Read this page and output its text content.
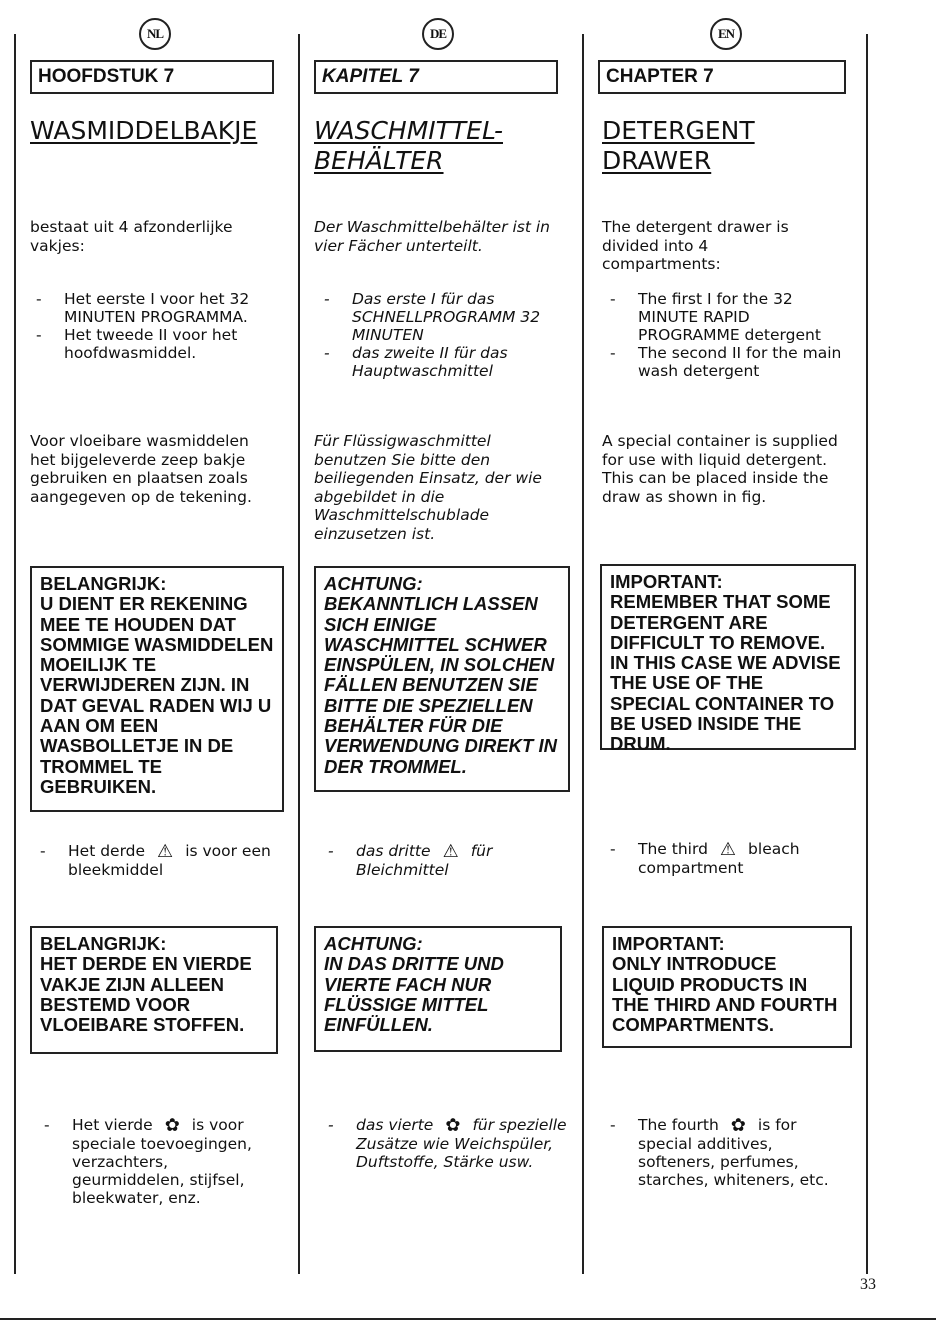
NL
HOOFDSTUK 7
WASMIDDELBAKJE
bestaat uit 4 afzonderlijke vakjes:
- Het eerste I voor het 32 MINUTEN PROGRAMMA.
- Het tweede II voor het hoofdwasmiddel.
Voor vloeibare wasmiddelen het bijgeleverde zeep bakje gebruiken en plaatsen zoals aangegeven op de tekening.
BELANGRIJK:
U DIENT ER REKENING MEE TE HOUDEN DAT SOMMIGE WASMIDDELEN MOEILIJK TE VERWIJDEREN ZIJN. IN DAT GEVAL RADEN WIJ U AAN OM EEN WASBOLLETJE IN DE TROMMEL TE GEBRUIKEN.
- Het derde ⚠ is voor een bleekmiddel
BELANGRIJK:
HET DERDE EN VIERDE VAKJE ZIJN ALLEEN BESTEMD VOOR VLOEIBARE STOFFEN.
- Het vierde ✿ is voor speciale toevoegingen, verzachters, geurmiddelen, stijfsel, bleekwater, enz.
DE
KAPITEL 7
WASCHMITTEL- BEHÄLTER
Der Waschmittelbehälter ist in vier Fächer unterteilt.
- Das erste I für das SCHNELLPROGRAMM 32 MINUTEN
- das zweite II für das Hauptwaschmittel
Für Flüssigwaschmittel benutzen Sie bitte den beiliegenden Einsatz, der wie abgebildet in die Waschmittelschublade einzusetzen ist.
ACHTUNG:
BEKANNTLICH LASSEN SICH EINIGE WASCHMITTEL SCHWER EINSPÜLEN, IN SOLCHEN FÄLLEN BENUTZEN SIE BITTE DIE SPEZIELLEN BEHÄLTER FÜR DIE VERWENDUNG DIREKT IN DER TROMMEL.
- das dritte ⚠ für Bleichmittel
ACHTUNG:
IN DAS DRITTE UND VIERTE FACH NUR FLÜSSIGE MITTEL EINFÜLLEN.
- das vierte ✿ für spezielle Zusätze wie Weichspüler, Duftstoffe, Stärke usw.
EN
CHAPTER 7
DETERGENT DRAWER
The detergent drawer is divided into 4 compartments:
- The first I for the 32 MINUTE RAPID PROGRAMME detergent
- The second II for the main wash detergent
A special container is supplied for use with liquid detergent. This can be placed inside the draw as shown in fig.
IMPORTANT:
REMEMBER THAT SOME DETERGENT ARE DIFFICULT TO REMOVE. IN THIS CASE WE ADVISE THE USE OF THE SPECIAL CONTAINER TO BE USED INSIDE THE DRUM.
- The third ⚠ bleach compartment
IMPORTANT:
ONLY INTRODUCE LIQUID PRODUCTS IN THE THIRD AND FOURTH COMPARTMENTS.
- The fourth ✿ is for special additives, softeners, perfumes, starches, whiteners, etc.
33
